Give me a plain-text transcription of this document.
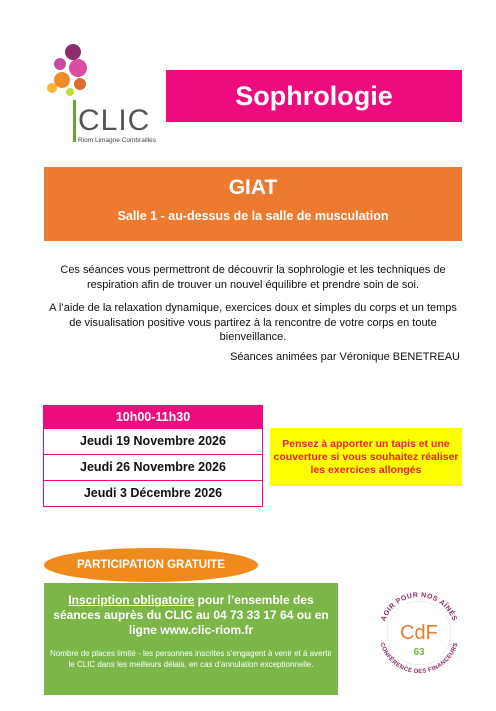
CLIC
Riom Limagne Combrailles
Sophrologie
GIAT
Salle 1 - au-dessus de la salle de musculation
Ces séances vous permettront de découvrir la sophrologie et les techniques de respiration afin de trouver un nouvel équilibre et prendre soin de soi.
A l’aide de la relaxation dynamique, exercices doux et simples du corps et un temps de visualisation positive vous partirez à la rencontre de votre corps en toute bienveillance.
Séances animées par Véronique BENETREAU
10h00-11h30
Jeudi 19 Novembre 2026
Jeudi 26 Novembre 2026
Jeudi 3 Décembre 2026
Pensez à apporter un tapis et une couverture si vous souhaitez réaliser les exercices allongés
PARTICIPATION GRATUITE
Inscription obligatoire pour l’ensemble des séances auprès du CLIC au 04 73 33 17 64 ou en ligne www.clic-riom.fr
Nombre de places limité - les personnes inscrites s’engagent à venir et à avertir le CLIC dans les meilleurs délais, en cas d’annulation exceptionnelle.
AGIR POUR NOS AÎNÉS
CONFÉRENCE DES FINANCEURS
CdF
63
